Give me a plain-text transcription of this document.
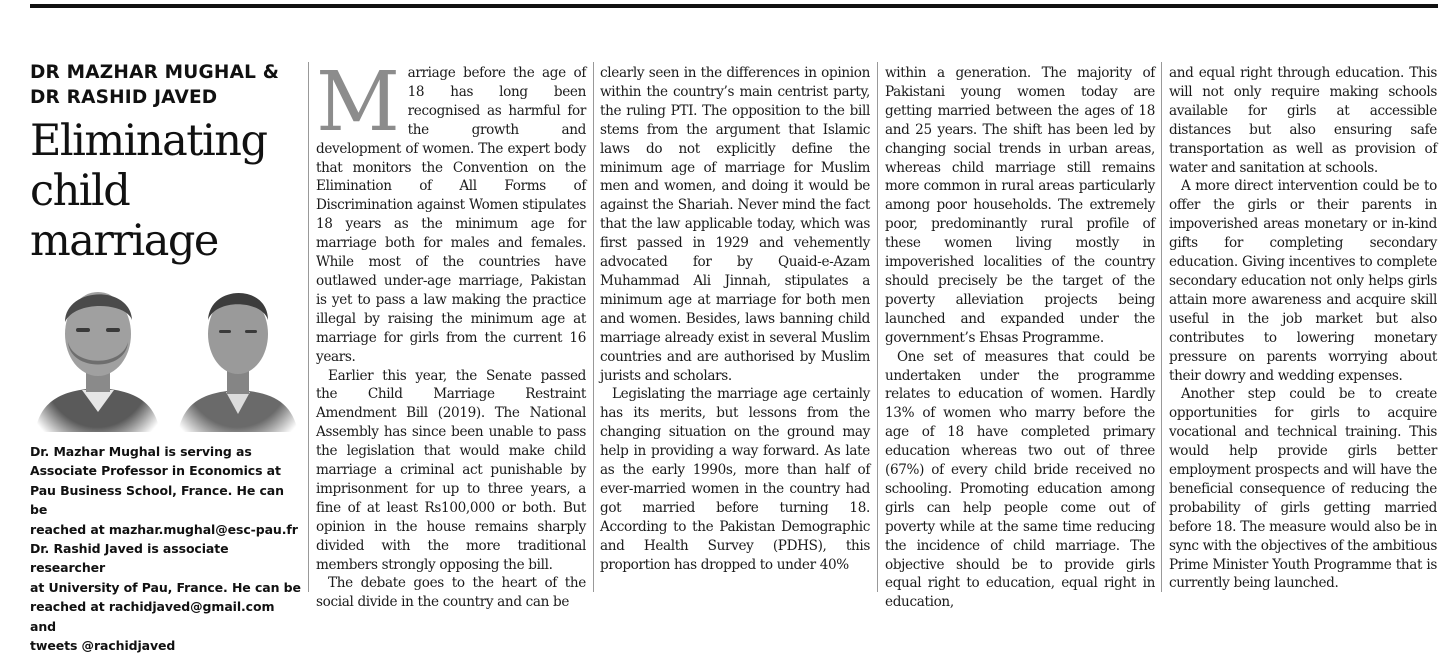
DR MAZHAR MUGHAL &
DR RASHID JAVED
Eliminating
child
marriage

Dr. Mazhar Mughal is serving as

Associate Professor in Economics at

Pau Business School, France. He can be

reached at mazhar.mughal@esc-pau.fr

Dr. Rashid Javed is associate researcher

at University of Pau, France. He can be

reached at rachidjaved@gmail.com and

tweets @rachidjaved

M arriage before the age of 18 has long been recognised as harmful for the growth and development of women. The expert body that monitors the Convention on the Elimination of All Forms of Discrimination against Women stipulates 18 years as the minimum age for marriage both for males and females. While most of the countries have outlawed under-age marriage, Pakistan is yet to pass a law making the practice illegal by raising the minimum age at marriage for girls from the current 16 years.

Earlier this year, the Senate passed the Child Marriage Restraint Amendment Bill (2019). The National Assembly has since been unable to pass the legislation that would make child marriage a criminal act punishable by imprisonment for up to three years, a fine of at least Rs100,000 or both. But opinion in the house remains sharply divided with the more traditional members strongly opposing the bill.

The debate goes to the heart of the social divide in the country and can be

clearly seen in the differences in opinion within the country’s main centrist party, the ruling PTI. The opposition to the bill stems from the argument that Islamic laws do not explicitly define the minimum age of marriage for Muslim men and women, and doing it would be against the Shariah. Never mind the fact that the law applicable today, which was first passed in 1929 and vehemently advocated for by Quaid-e-Azam Muhammad Ali Jinnah, stipulates a minimum age at marriage for both men and women. Besides, laws banning child marriage already exist in several Muslim countries and are authorised by Muslim jurists and scholars.

Legislating the marriage age certainly has its merits, but lessons from the changing situation on the ground may help in providing a way forward. As late as the early 1990s, more than half of ever-married women in the country had got married before turning 18. According to the Pakistan Demographic and Health Survey (PDHS), this proportion has dropped to under 40%

within a generation. The majority of Pakistani young women today are getting married between the ages of 18 and 25 years. The shift has been led by changing social trends in urban areas, whereas child marriage still remains more common in rural areas particularly among poor households. The extremely poor, predominantly rural profile of these women living mostly in impoverished localities of the country should precisely be the target of the poverty alleviation projects being launched and expanded under the government’s Ehsas Programme.

One set of measures that could be undertaken under the programme relates to education of women. Hardly 13% of women who marry before the age of 18 have completed primary education whereas two out of three (67%) of every child bride received no schooling. Promoting education among girls can help people come out of poverty while at the same time reducing the incidence of child marriage. The objective should be to provide girls equal right to education, equal right in education,

and equal right through education. This will not only require making schools available for girls at accessible distances but also ensuring safe transportation as well as provision of water and sanitation at schools.

A more direct intervention could be to offer the girls or their parents in impoverished areas monetary or in-kind gifts for completing secondary education. Giving incentives to complete secondary education not only helps girls attain more awareness and acquire skill useful in the job market but also contributes to lowering monetary pressure on parents worrying about their dowry and wedding expenses.

Another step could be to create opportunities for girls to acquire vocational and technical training. This would help provide girls better employment prospects and will have the beneficial consequence of reducing the probability of girls getting married before 18. The measure would also be in sync with the objectives of the ambitious Prime Minister Youth Programme that is currently being launched.
